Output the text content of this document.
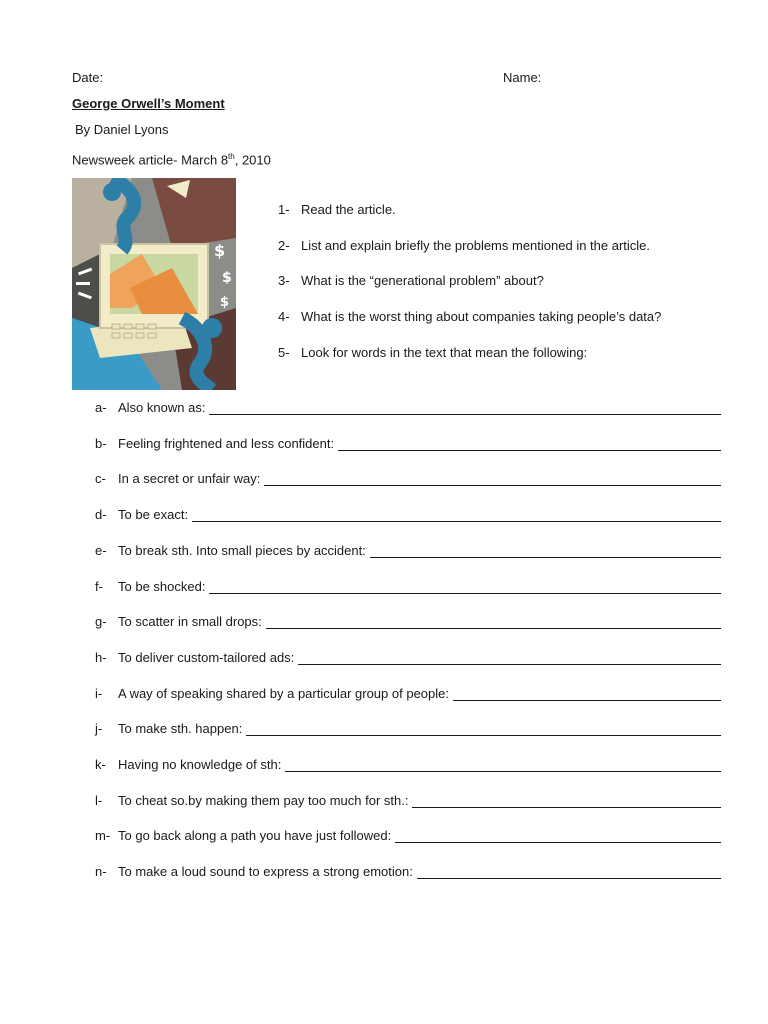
Date:	Name:
George Orwell’s Moment
By Daniel Lyons
Newsweek article- March 8th, 2010
$
$
$
1- Read the article.
2- List and explain briefly the problems mentioned in the article.
3- What is the “generational problem” about?
4- What is the worst thing about companies taking people’s data?
5- Look for words in the text that mean the following:
a- Also known as:
b- Feeling frightened and less confident:
c- In a secret or unfair way:
d- To be exact:
e- To break sth. Into small pieces by accident:
f-	To be shocked:
g- To scatter in small drops:
h- To deliver custom-tailored ads:
i-	A way of speaking shared by a particular group of people:
j-	To make sth. happen:
k- Having no knowledge of sth:
l-	To cheat so.by making them pay too much for sth.:
m- To go back along a path you have just followed:
n- To make a loud sound to express a strong emotion:
